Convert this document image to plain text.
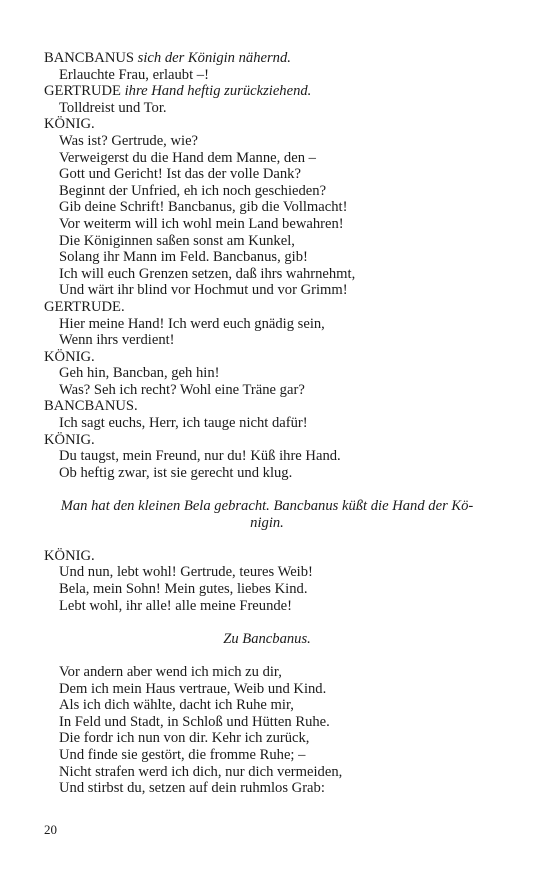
BANCBANUS sich der Königin nähernd.
Erlauchte Frau, erlaubt –!
GERTRUDE ihre Hand heftig zurückziehend.
Tolldreist und Tor.
KÖNIG.
Was ist? Gertrude, wie?
Verweigerst du die Hand dem Manne, den –
Gott und Gericht! Ist das der volle Dank?
Beginnt der Unfried, eh ich noch geschieden?
Gib deine Schrift! Bancbanus, gib die Vollmacht!
Vor weiterm will ich wohl mein Land bewahren!
Die Königinnen saßen sonst am Kunkel,
Solang ihr Mann im Feld. Bancbanus, gib!
Ich will euch Grenzen setzen, daß ihrs wahrnehmt,
Und wärt ihr blind vor Hochmut und vor Grimm!
GERTRUDE.
Hier meine Hand! Ich werd euch gnädig sein,
Wenn ihrs verdient!
KÖNIG.
Geh hin, Bancban, geh hin!
Was? Seh ich recht? Wohl eine Träne gar?
BANCBANUS.
Ich sagt euchs, Herr, ich tauge nicht dafür!
KÖNIG.
Du taugst, mein Freund, nur du! Küß ihre Hand.
Ob heftig zwar, ist sie gerecht und klug.
Man hat den kleinen Bela gebracht. Bancbanus küßt die Hand der Kö-
nigin.
KÖNIG.
Und nun, lebt wohl! Gertrude, teures Weib!
Bela, mein Sohn! Mein gutes, liebes Kind.
Lebt wohl, ihr alle! alle meine Freunde!
Zu Bancbanus.
Vor andern aber wend ich mich zu dir,
Dem ich mein Haus vertraue, Weib und Kind.
Als ich dich wählte, dacht ich Ruhe mir,
In Feld und Stadt, in Schloß und Hütten Ruhe.
Die fordr ich nun von dir. Kehr ich zurück,
Und finde sie gestört, die fromme Ruhe; –
Nicht strafen werd ich dich, nur dich vermeiden,
Und stirbst du, setzen auf dein ruhmlos Grab:
20
